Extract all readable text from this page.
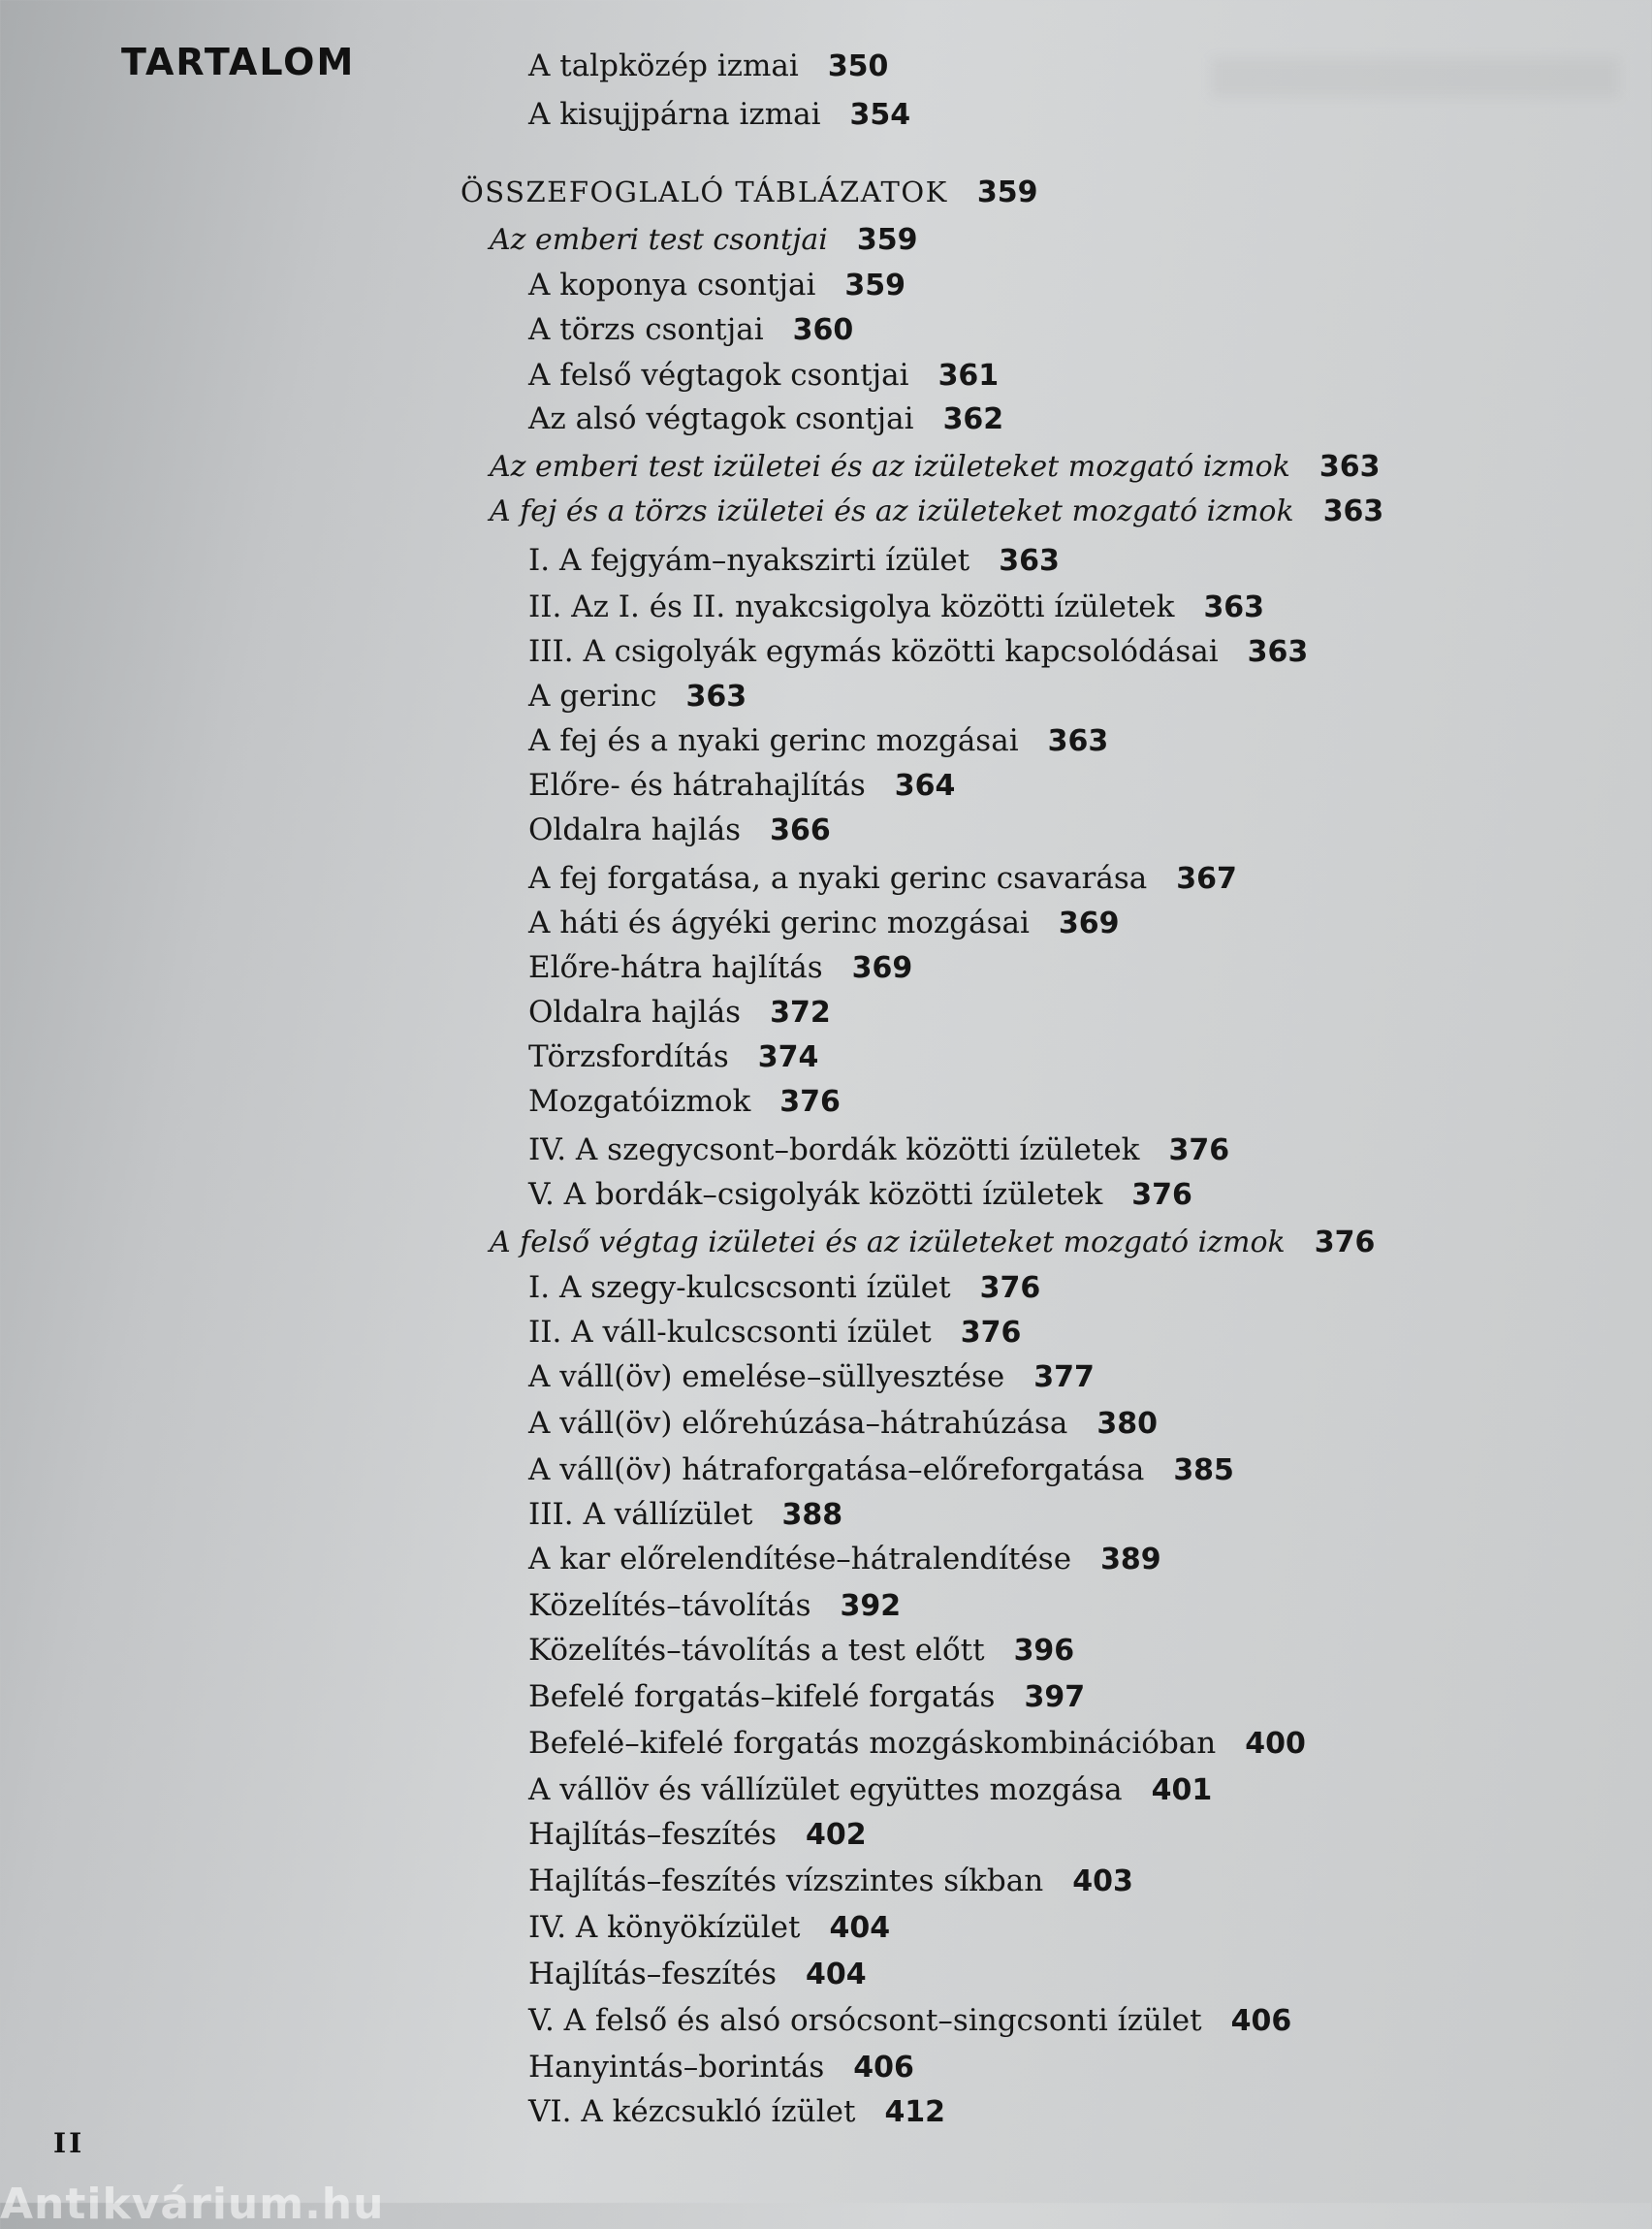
TARTALOM	A talpközép izmai 350
A kisujjpárna izmai 354
ÖSSZEFOGLALÓ TÁBLÁZATOK 359
Az emberi test csontjai 359
A koponya csontjai 359
A törzs csontjai 360
A felső végtagok csontjai 361
Az alsó végtagok csontjai 362
Az emberi test izületei és az izületeket mozgató izmok 363
A fej és a törzs izületei és az izületeket mozgató izmok 363
I. A fejgyám–nyakszirti ízület 363
II. Az I. és II. nyakcsigolya közötti ízületek 363
III. A csigolyák egymás közötti kapcsolódásai 363
A gerinc 363
A fej és a nyaki gerinc mozgásai 363
Előre- és hátrahajlítás 364
Oldalra hajlás 366
A fej forgatása, a nyaki gerinc csavarása 367
A háti és ágyéki gerinc mozgásai 369
Előre-hátra hajlítás 369
Oldalra hajlás 372
Törzsfordítás 374
Mozgatóizmok 376
IV. A szegycsont–bordák közötti ízületek 376
V. A bordák–csigolyák közötti ízületek 376
A felső végtag izületei és az izületeket mozgató izmok 376
I. A szegy-kulcscsonti ízület 376
II. A váll-kulcscsonti ízület 376
A váll(öv) emelése–süllyesztése 377
A váll(öv) előrehúzása–hátrahúzása 380
A váll(öv) hátraforgatása–előreforgatása 385
III. A vállízület 388
A kar előrelendítése–hátralendítése 389
Közelítés–távolítás 392
Közelítés–távolítás a test előtt 396
Befelé forgatás–kifelé forgatás 397
Befelé–kifelé forgatás mozgáskombinációban 400
A vállöv és vállízület együttes mozgása 401
Hajlítás–feszítés 402
Hajlítás–feszítés vízszintes síkban 403
IV. A könyökízület 404
Hajlítás–feszítés 404
V. A felső és alsó orsócsont–singcsonti ízület 406
Hanyintás–borintás 406
VI. A kézcsukló ízület 412
II
Antikvárium.hu
